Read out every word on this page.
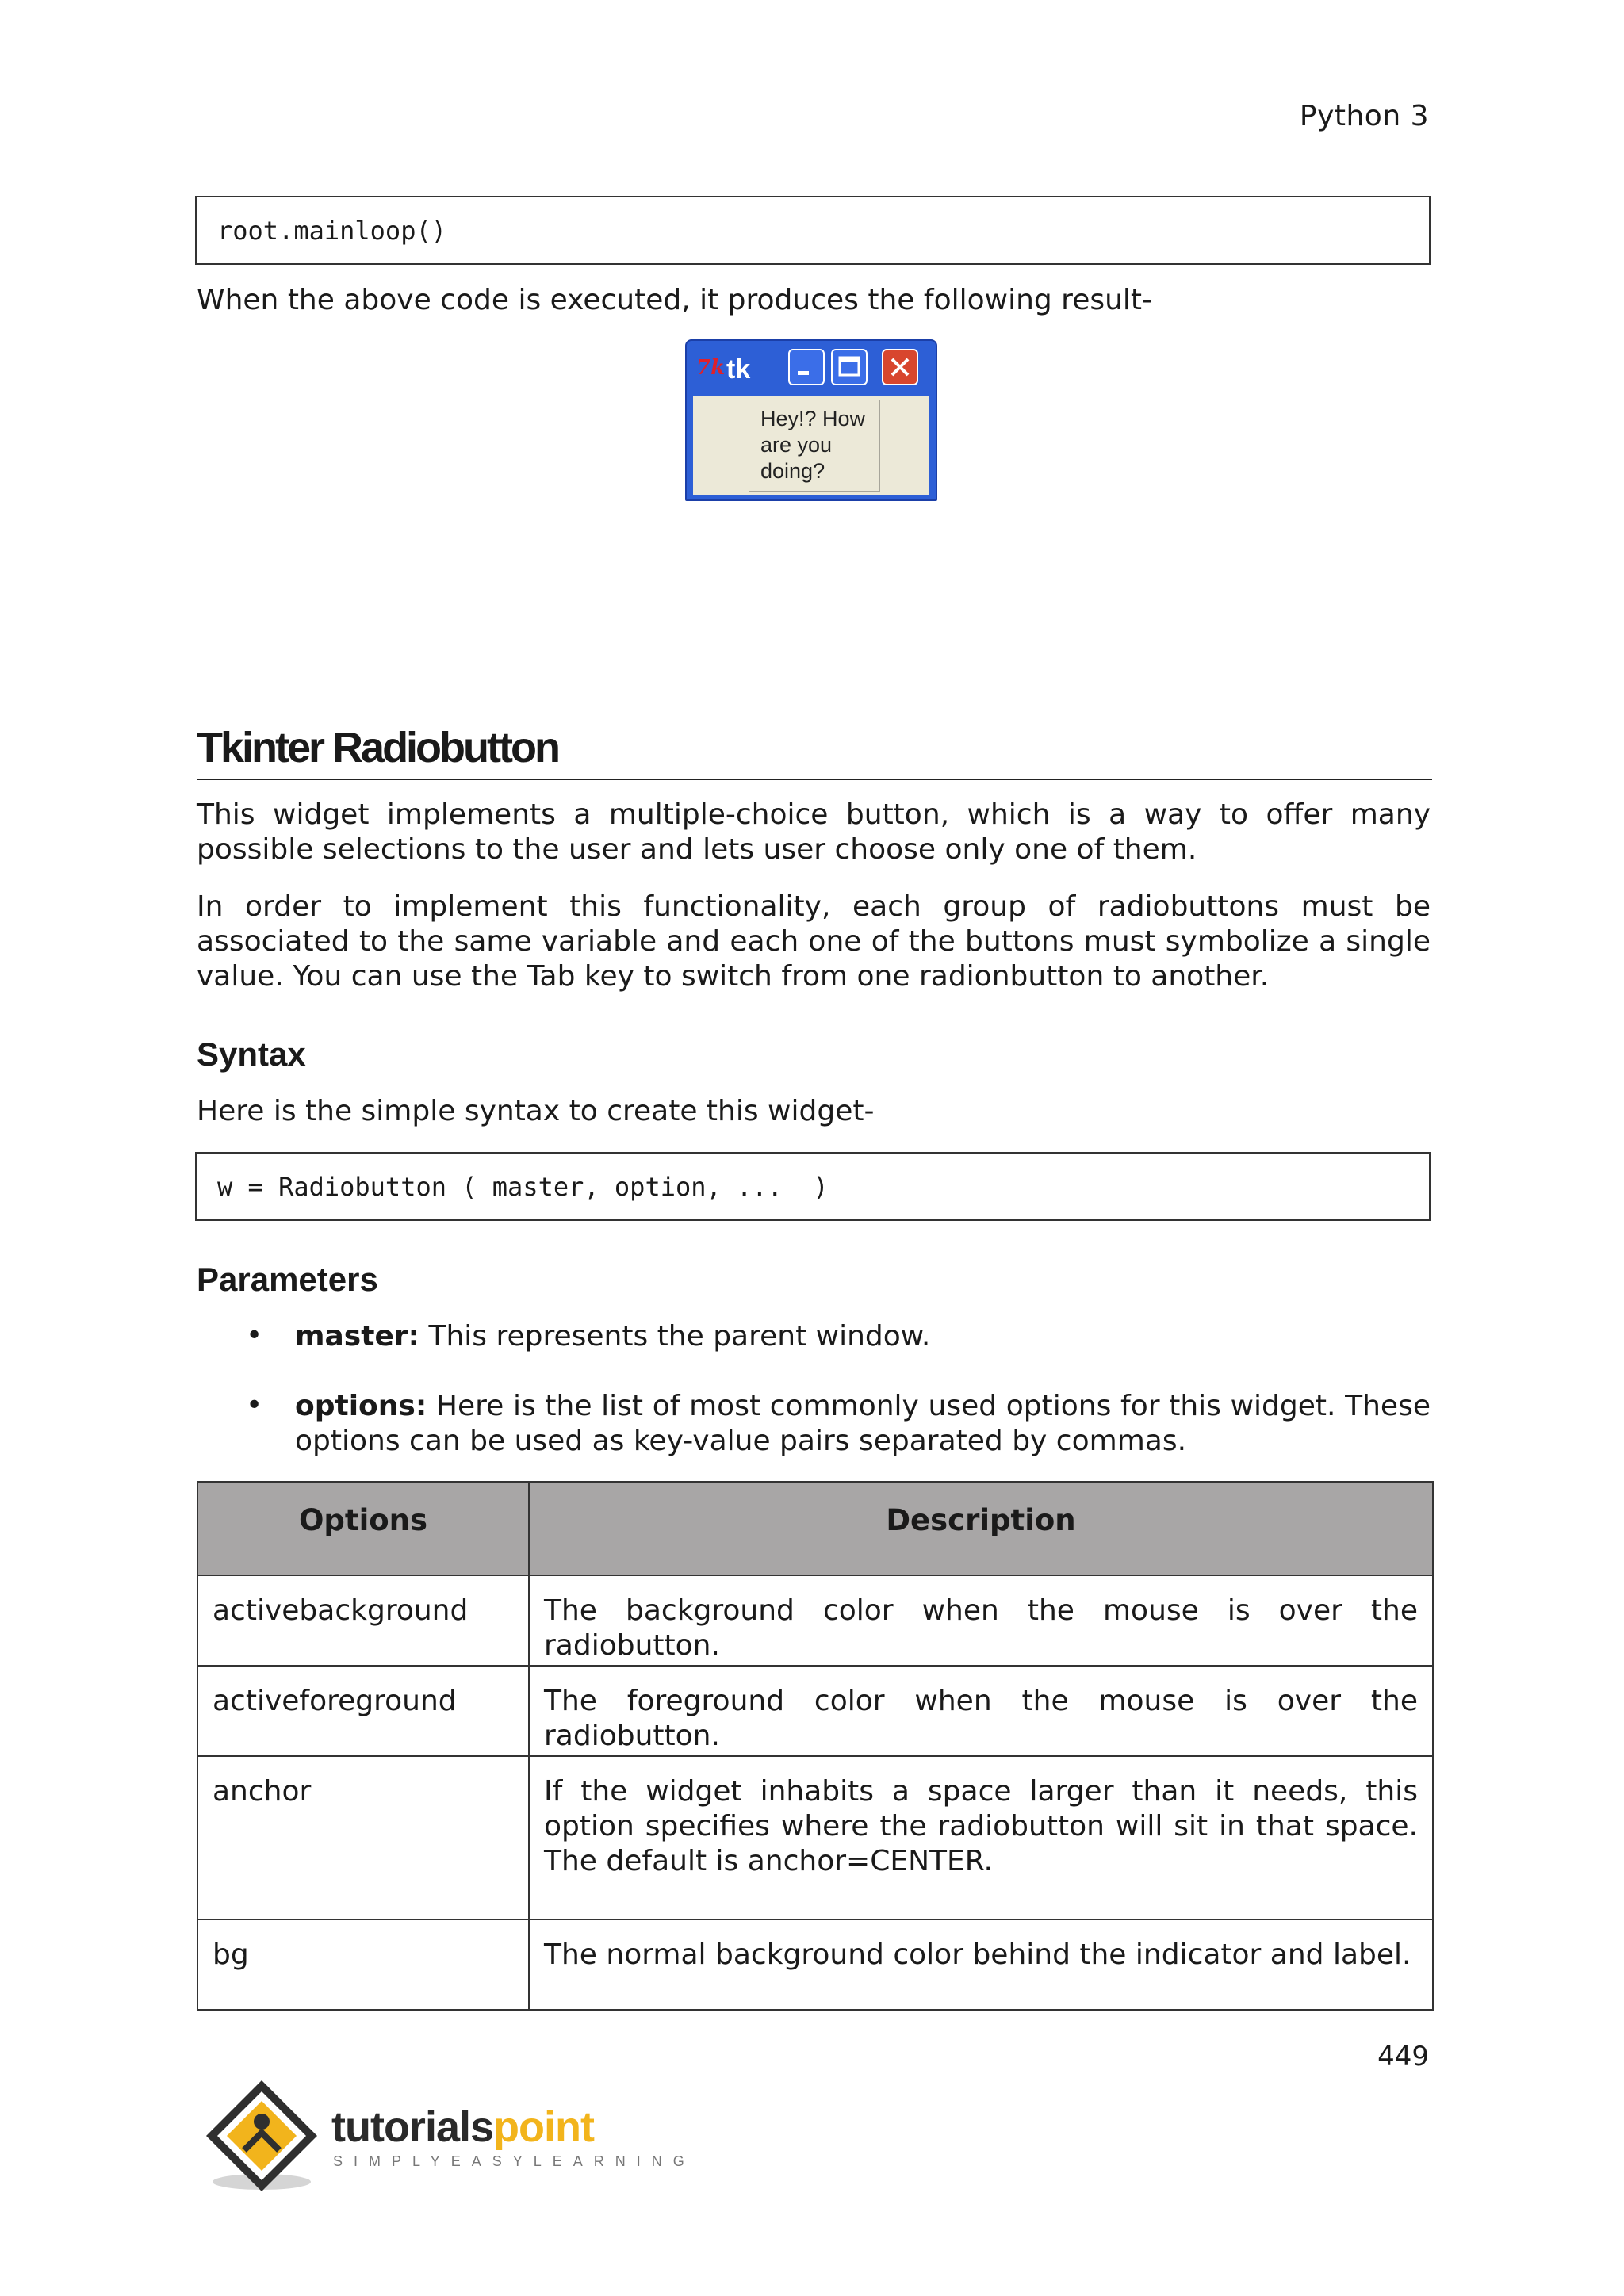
Python 3
root.mainloop()
When the above code is executed, it produces the following result-
7k tk
Hey!? How
are you
doing?
Tkinter Radiobutton
This widget implements a multiple-choice button, which is a way to offer many possible selections to the user and lets user choose only one of them.
In order to implement this functionality, each group of radiobuttons must be associated to the same variable and each one of the buttons must symbolize a single value. You can use the Tab key to switch from one radionbutton to another.
Syntax
Here is the simple syntax to create this widget-
w = Radiobutton ( master, option, ...  )
Parameters
• master: This represents the parent window.
• options: Here is the list of most commonly used options for this widget. These options can be used as key-value pairs separated by commas.
Options	Description
activebackground	The background color when the mouse is over the radiobutton.
activeforeground	The foreground color when the mouse is over the radiobutton.
anchor	If the widget inhabits a space larger than it needs, this option specifies where the radiobutton will sit in that space. The default is anchor=CENTER.
bg	The normal background color behind the indicator and label.
449
tutorialspoint
SIMPLYEASYLEARNING
